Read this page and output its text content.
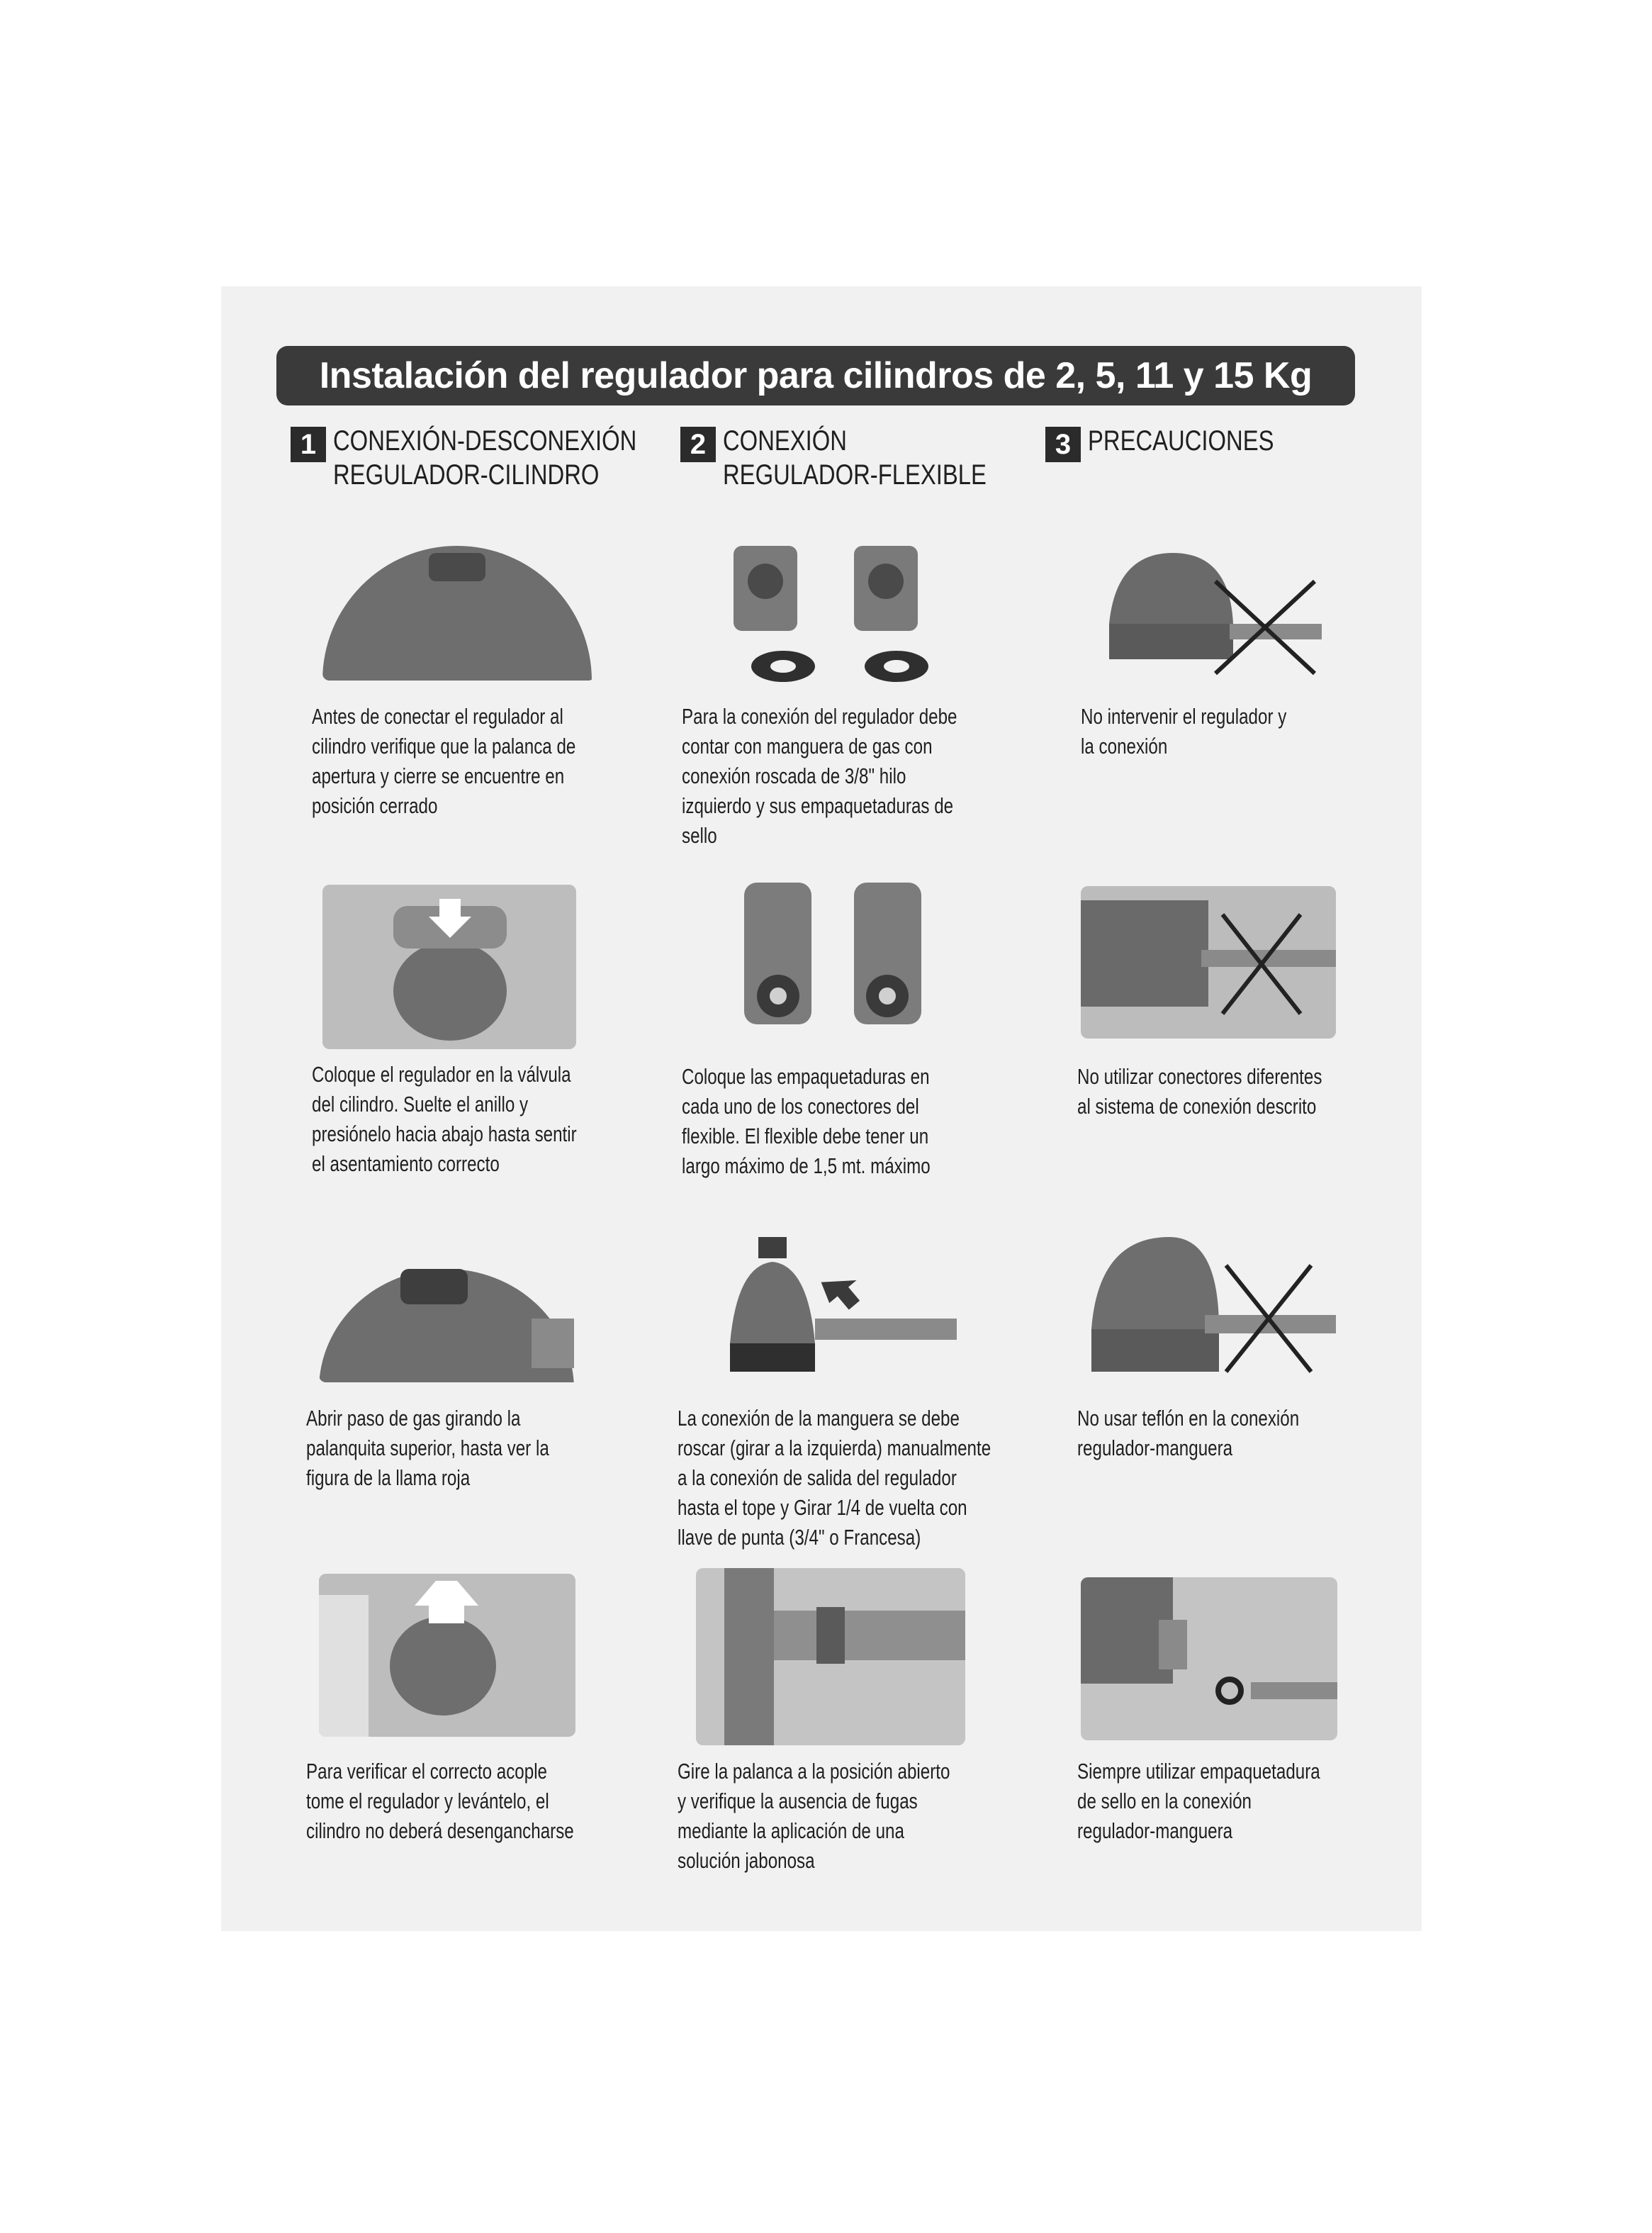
Instalación del regulador para cilindros de 2, 5, 11 y 15 Kg
1 CONEXIÓN-DESCONEXIÓN
REGULADOR-CILINDRO
2 CONEXIÓN
REGULADOR-FLEXIBLE
3 PRECAUCIONES
Antes de conectar el regulador al
cilindro verifique que la palanca de
apertura y cierre se encuentre en
posición cerrado
Para la conexión del regulador debe
contar con manguera de gas con
conexión roscada de 3/8" hilo
izquierdo y sus empaquetaduras de
sello
No intervenir el regulador y
la conexión
Coloque el regulador en la válvula
del cilindro. Suelte el anillo y
presiónelo hacia abajo hasta sentir
el asentamiento correcto
Coloque las empaquetaduras en
cada uno de los conectores del
flexible. El flexible debe tener un
largo máximo de 1,5 mt. máximo
No utilizar conectores diferentes
al sistema de conexión descrito
Abrir paso de gas girando la
palanquita superior, hasta ver la
figura de la llama roja
La conexión de la manguera se debe
roscar (girar a la izquierda) manualmente
a la conexión de salida del regulador
hasta el tope y Girar 1/4 de vuelta con
llave de punta (3/4" o Francesa)
No usar teflón en la conexión
regulador-manguera
Para verificar el correcto acople
tome el regulador y levántelo, el
cilindro no deberá desengancharse
Gire la palanca a la posición abierto
y verifique la ausencia de fugas
mediante la aplicación de una
solución jabonosa
Siempre utilizar empaquetadura
de sello en la conexión
regulador-manguera
